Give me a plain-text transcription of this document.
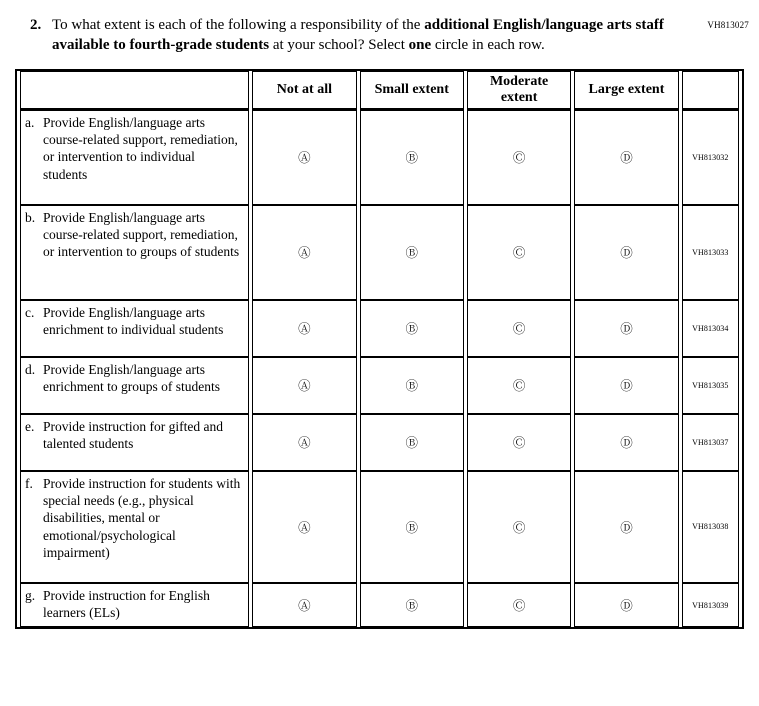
VH813027
2. To what extent is each of the following a responsibility of the additional English/language arts staff available to fourth-grade students at your school? Select one circle in each row.
	Not at all	Small extent	Moderate extent	Large extent	

a. Provide English/language arts course-related support, remediation, or intervention to individual students	Ⓐ	Ⓑ	Ⓒ	Ⓓ	VH813032

b. Provide English/language arts course-related support, remediation, or intervention to groups of students	Ⓐ	Ⓑ	Ⓒ	Ⓓ	VH813033

c. Provide English/language arts enrichment to individual students	Ⓐ	Ⓑ	Ⓒ	Ⓓ	VH813034

d. Provide English/language arts enrichment to groups of students	Ⓐ	Ⓑ	Ⓒ	Ⓓ	VH813035

e. Provide instruction for gifted and talented students	Ⓐ	Ⓑ	Ⓒ	Ⓓ	VH813037

f. Provide instruction for students with special needs (e.g., physical disabilities, mental or emotional/psychological impairment)	Ⓐ	Ⓑ	Ⓒ	Ⓓ	VH813038

g. Provide instruction for English learners (ELs)	Ⓐ	Ⓑ	Ⓒ	Ⓓ	VH813039
